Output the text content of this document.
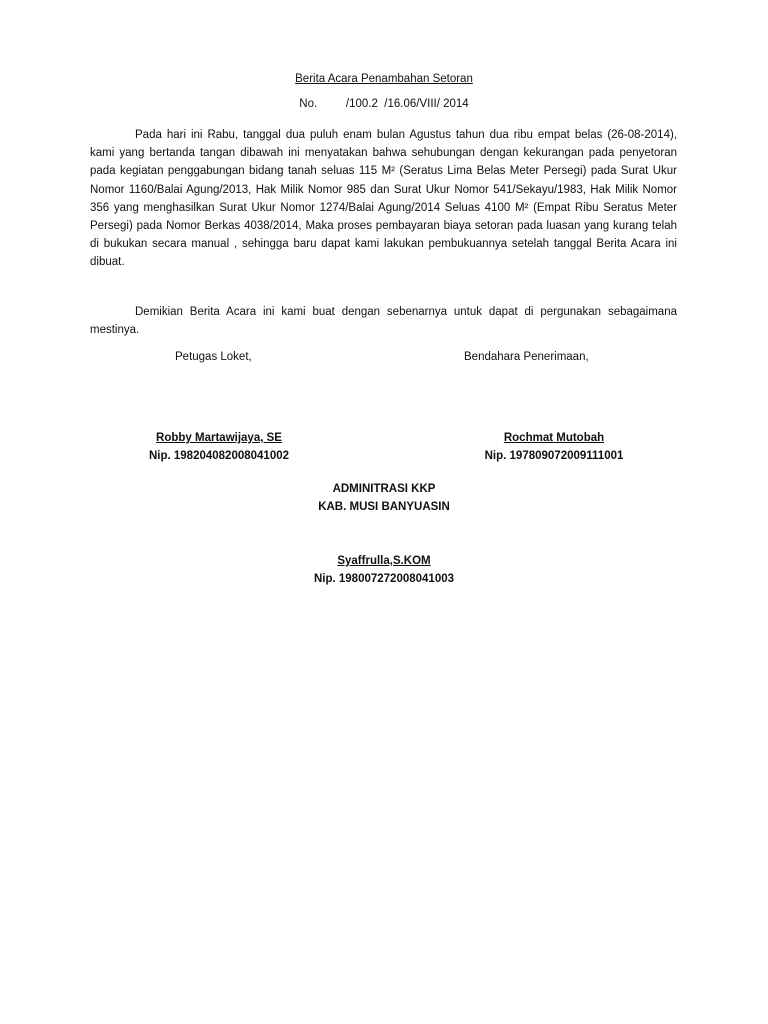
Berita Acara Penambahan Setoran
No.         /100.2  /16.06/VIII/ 2014

Pada hari ini Rabu, tanggal dua puluh enam bulan Agustus tahun dua ribu empat belas (26-08-2014), kami yang bertanda tangan dibawah ini menyatakan bahwa sehubungan dengan kekurangan pada penyetoran pada kegiatan penggabungan bidang tanah seluas 115 M² (Seratus Lima Belas Meter Persegi) pada Surat Ukur Nomor 1160/Balai Agung/2013, Hak Milik Nomor 985 dan Surat Ukur Nomor 541/Sekayu/1983, Hak Milik Nomor 356 yang menghasilkan Surat Ukur Nomor 1274/Balai Agung/2014 Seluas 4100 M² (Empat Ribu Seratus Meter Persegi) pada Nomor Berkas 4038/2014, Maka proses pembayaran biaya setoran pada luasan yang kurang telah di bukukan secara manual , sehingga baru dapat kami lakukan pembukuannya setelah tanggal Berita Acara ini dibuat.

Demikian Berita Acara ini kami buat dengan sebenarnya untuk dapat di pergunakan sebagaimana mestinya.

Petugas Loket,	Bendahara Penerimaan,
Robby Martawijaya, SE
Nip. 198204082008041002
Rochmat Mutobah
Nip. 197809072009111001
ADMINITRASI KKP
KAB. MUSI BANYUASIN
Syaffrulla,S.KOM
Nip. 198007272008041003
